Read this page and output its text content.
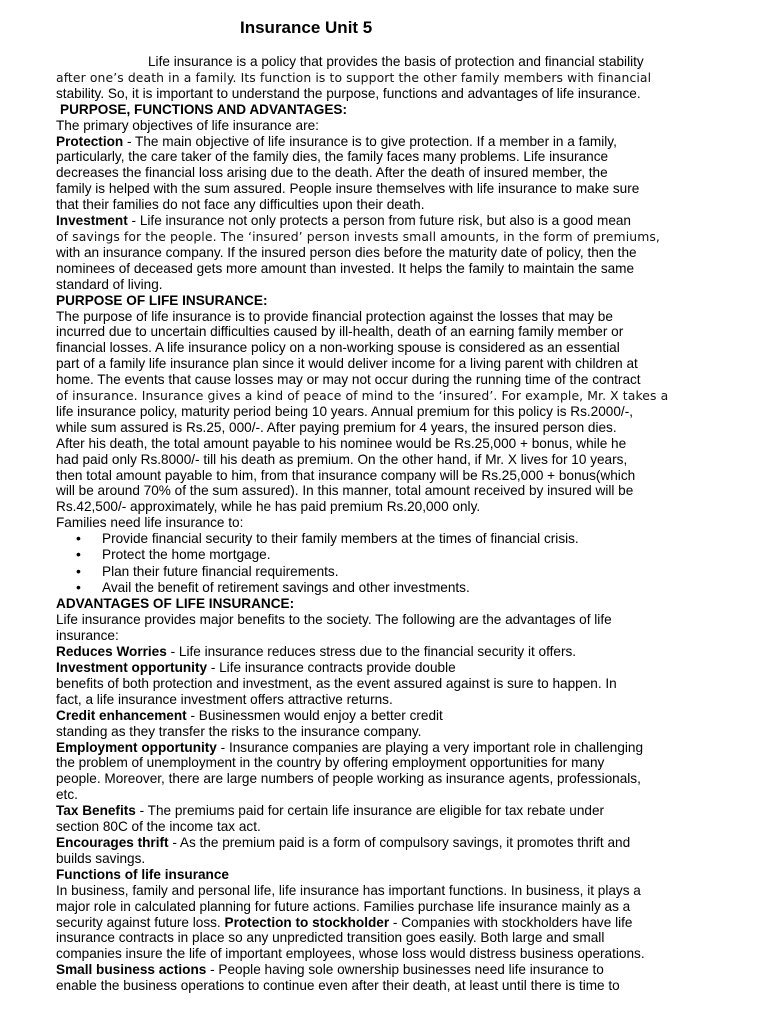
Insurance Unit 5

Life insurance is a policy that provides the basis of protection and financial stability
after one’s death in a family. Its function is to support the other family members with financial
stability. So, it is important to understand the purpose, functions and advantages of life insurance.

PURPOSE, FUNCTIONS AND ADVANTAGES:

The primary objectives of life insurance are:

Protection - The main objective of life insurance is to give protection. If a member in a family,
particularly, the care taker of the family dies, the family faces many problems. Life insurance
decreases the financial loss arising due to the death. After the death of insured member, the
family is helped with the sum assured. People insure themselves with life insurance to make sure
that their families do not face any difficulties upon their death.

Investment - Life insurance not only protects a person from future risk, but also is a good mean
of savings for the people. The ‘insured’ person invests small amounts, in the form of premiums,
with an insurance company. If the insured person dies before the maturity date of policy, then the
nominees of deceased gets more amount than invested. It helps the family to maintain the same
standard of living.

PURPOSE OF LIFE INSURANCE:

The purpose of life insurance is to provide financial protection against the losses that may be
incurred due to uncertain difficulties caused by ill-health, death of an earning family member or
financial losses. A life insurance policy on a non-working spouse is considered as an essential
part of a family life insurance plan since it would deliver income for a living parent with children at
home. The events that cause losses may or may not occur during the running time of the contract
of insurance. Insurance gives a kind of peace of mind to the ‘insured’. For example, Mr. X takes a
life insurance policy, maturity period being 10 years. Annual premium for this policy is Rs.2000/-,
while sum assured is Rs.25, 000/-. After paying premium for 4 years, the insured person dies.
After his death, the total amount payable to his nominee would be Rs.25,000 + bonus, while he
had paid only Rs.8000/- till his death as premium. On the other hand, if Mr. X lives for 10 years,
then total amount payable to him, from that insurance company will be Rs.25,000 + bonus(which
will be around 70% of the sum assured). In this manner, total amount received by insured will be
Rs.42,500/- approximately, while he has paid premium Rs.20,000 only.

Families need life insurance to:

• Provide financial security to their family members at the times of financial crisis.
• Protect the home mortgage.
• Plan their future financial requirements.
• Avail the benefit of retirement savings and other investments.

ADVANTAGES OF LIFE INSURANCE:

Life insurance provides major benefits to the society. The following are the advantages of life
insurance:

Reduces Worries - Life insurance reduces stress due to the financial security it offers.

Investment opportunity - Life insurance contracts provide double
benefits of both protection and investment, as the event assured against is sure to happen. In
fact, a life insurance investment offers attractive returns.

Credit enhancement - Businessmen would enjoy a better credit
standing as they transfer the risks to the insurance company.

Employment opportunity - Insurance companies are playing a very important role in challenging
the problem of unemployment in the country by offering employment opportunities for many
people. Moreover, there are large numbers of people working as insurance agents, professionals,
etc.

Tax Benefits - The premiums paid for certain life insurance are eligible for tax rebate under
section 80C of the income tax act.

Encourages thrift - As the premium paid is a form of compulsory savings, it promotes thrift and
builds savings.

Functions of life insurance

In business, family and personal life, life insurance has important functions. In business, it plays a
major role in calculated planning for future actions. Families purchase life insurance mainly as a
security against future loss. Protection to stockholder - Companies with stockholders have life
insurance contracts in place so any unpredicted transition goes easily. Both large and small
companies insure the life of important employees, whose loss would distress business operations.
Small business actions - People having sole ownership businesses need life insurance to
enable the business operations to continue even after their death, at least until there is time to
